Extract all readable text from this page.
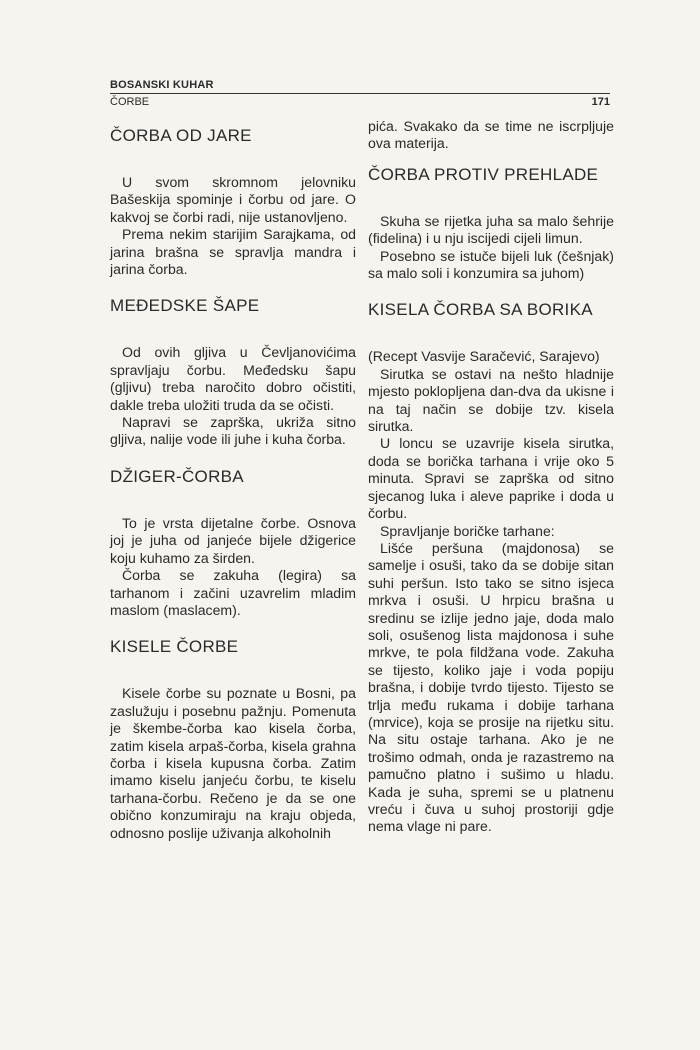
BOSANSKI KUHAR
ČORBE	171
ČORBA OD JARE

U svom skromnom jelovniku Bašeskija spominje i čorbu od jare. O kakvoj se čorbi radi, nije ustanovljeno.

Prema nekim starijim Sarajkama, od jarina brašna se spravlja mandra i jarina čorba.

MEĐEDSKE ŠAPE

Od ovih gljiva u Čevljanovićima spravljaju čorbu. Međedsku šapu (gljivu) treba naročito dobro očistiti, dakle treba uložiti truda da se očisti.

Napravi se zaprška, ukriža sitno gljiva, nalije vode ili juhe i kuha čorba.

DŽIGER-ČORBA

To je vrsta dijetalne čorbe. Osnova joj je juha od janjeće bijele džigerice koju kuhamo za širden.

Čorba se zakuha (legira) sa tarhanom i začini uzavrelim mladim maslom (maslacem).

KISELE ČORBE

Kisele čorbe su poznate u Bosni, pa zaslužuju i posebnu pažnju. Pomenuta je škembe-čorba kao kisela čorba, zatim kisela arpaš-čorba, kisela grahna čorba i kisela kupusna čorba. Zatim imamo kiselu janjeću čorbu, te kiselu tarhana-čorbu. Rečeno je da se one obično konzumiraju na kraju objeda, odnosno poslije uživanja alkoholnih

pića. Svakako da se time ne iscrpljuje ova materija.

ČORBA PROTIV PREHLADE

Skuha se rijetka juha sa malo šehrije (fidelina) i u nju iscijedi cijeli limun.

Posebno se istuče bijeli luk (češnjak) sa malo soli i konzumira sa juhom)

KISELA ČORBA SA BORIKA

(Recept Vasvije Saračević, Sarajevo)

Sirutka se ostavi na nešto hladnije mjesto poklopljena dan-dva da ukisne i na taj način se dobije tzv. kisela sirutka.

U loncu se uzavrije kisela sirutka, doda se borička tarhana i vrije oko 5 minuta. Spravi se zaprška od sitno sjecanog luka i aleve paprike i doda u čorbu.

Spravljanje boričke tarhane:

Lišće peršuna (majdonosa) se samelje i osuši, tako da se dobije sitan suhi peršun. Isto tako se sitno isjeca mrkva i osuši. U hrpicu brašna u sredinu se izlije jedno jaje, doda malo soli, osušenog lista majdonosa i suhe mrkve, te pola fildžana vode. Zakuha se tijesto, koliko jaje i voda popiju brašna, i dobije tvrdo tijesto. Tijesto se trlja među rukama i dobije tarhana (mrvice), koja se prosije na rijetku situ. Na situ ostaje tarhana. Ako je ne trošimo odmah, onda je razastremo na pamučno platno i sušimo u hladu. Kada je suha, spremi se u platnenu vreću i čuva u suhoj prostoriji gdje nema vlage ni pare.
